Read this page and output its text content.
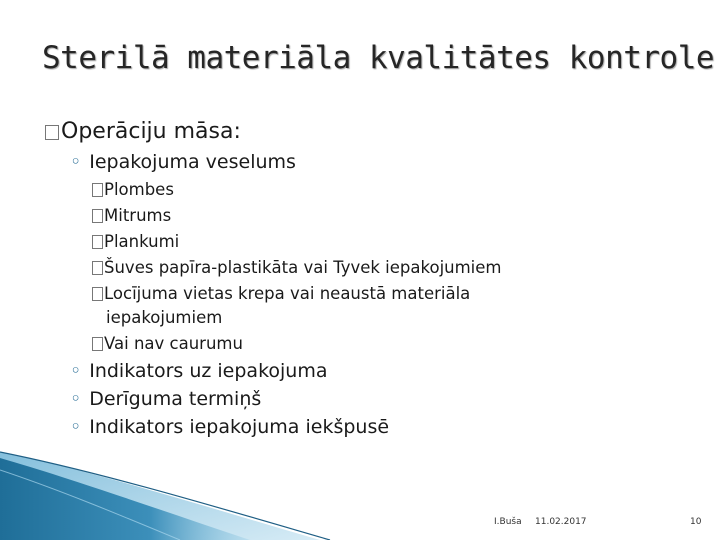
Sterilā materiāla kvalitātes kontrole
Operāciju māsa:
◦ Iepakojuma veselums
Plombes
Mitrums
Plankumi
Šuves papīra-plastikāta vai Tyvek iepakojumiem
Locījuma vietas krepa vai neaustā materiāla
iepakojumiem
Vai nav caurumu
◦ Indikators uz iepakojuma
◦ Derīguma termiņš
◦ Indikators iepakojuma iekšpusē
I.Buša 11.02.2017	10
